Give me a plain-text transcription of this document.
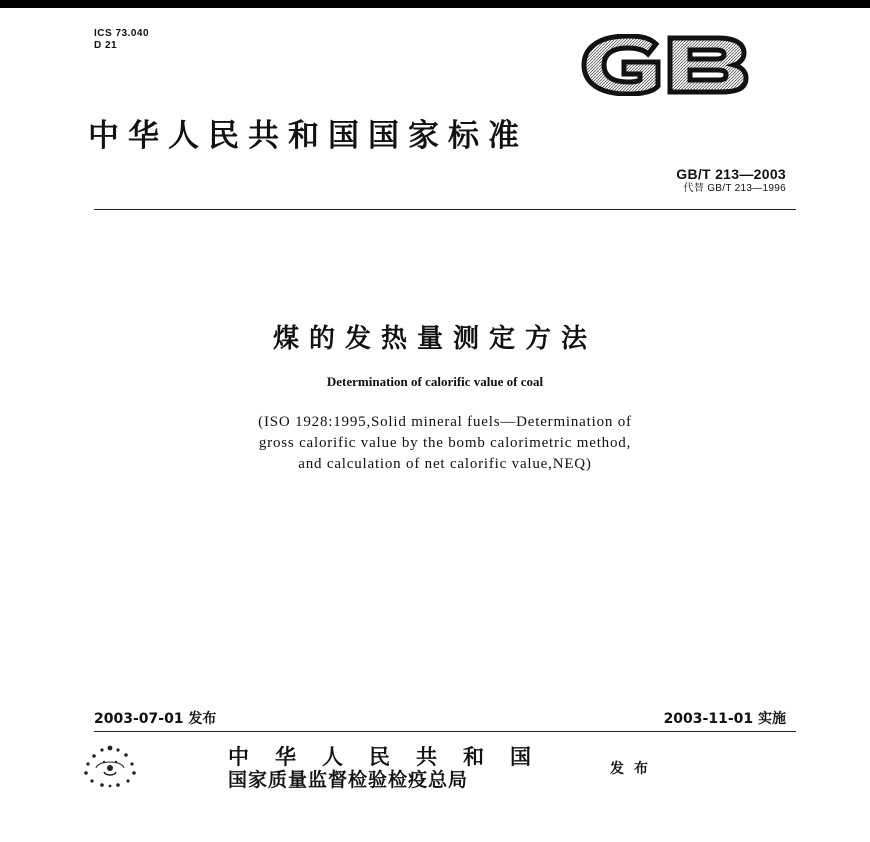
ICS 73.040
D 21
中华人民共和国国家标准
GB/T 213—2003
代替 GB/T 213—1996
煤的发热量测定方法
Determination of calorific value of coal
(ISO 1928:1995,Solid mineral fuels—Determination of
gross calorific value by the bomb calorimetric method,
and calculation of net calorific value,NEQ)
2003-07-01 发布	2003-11-01 实施
中华人民共和国
国家质量监督检验检疫总局	发布
